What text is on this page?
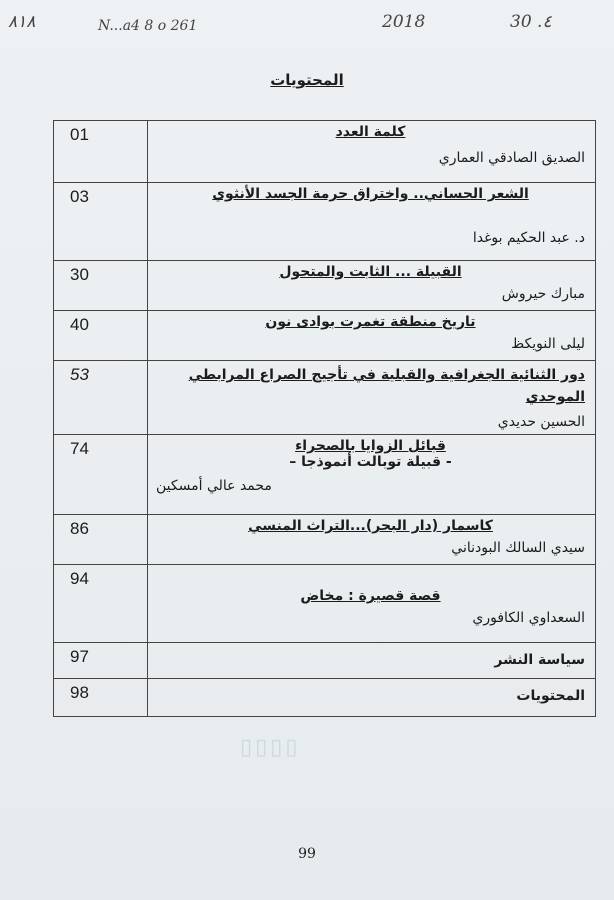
٨١٨	N...a4 8 o 261	2018	30 .٤
المحتويات
كلمة العدد
الصديق الصادقي العماري	01

الشعر الحساني.. واختراق حرمة الجسد الأنثوي
د. عبد الحكيم بوغدا	03

القبيلة ... الثابت والمتحول
مبارك حيروش	30

تاريخ منطقة تغمرت بوادى نون
ليلى النويكظ	40

دور الثنائية الجغرافية والقبلية في تأجيج الصراع المرابطي الموحدي
الحسين حديدي	53

قبائل الزوايا بالصحراء
- قبيلة توبالت أنموذجا –
محمد عالي أمسكين	74

كاسمار (دار البحر)...التراث المنسي
سيدي السالك البودناني	86

قصة قصيرة : مخاض
السعداوي الكافوري	94

سياسة النشر	97

المحتويات	98
▯▯▯▯
99
